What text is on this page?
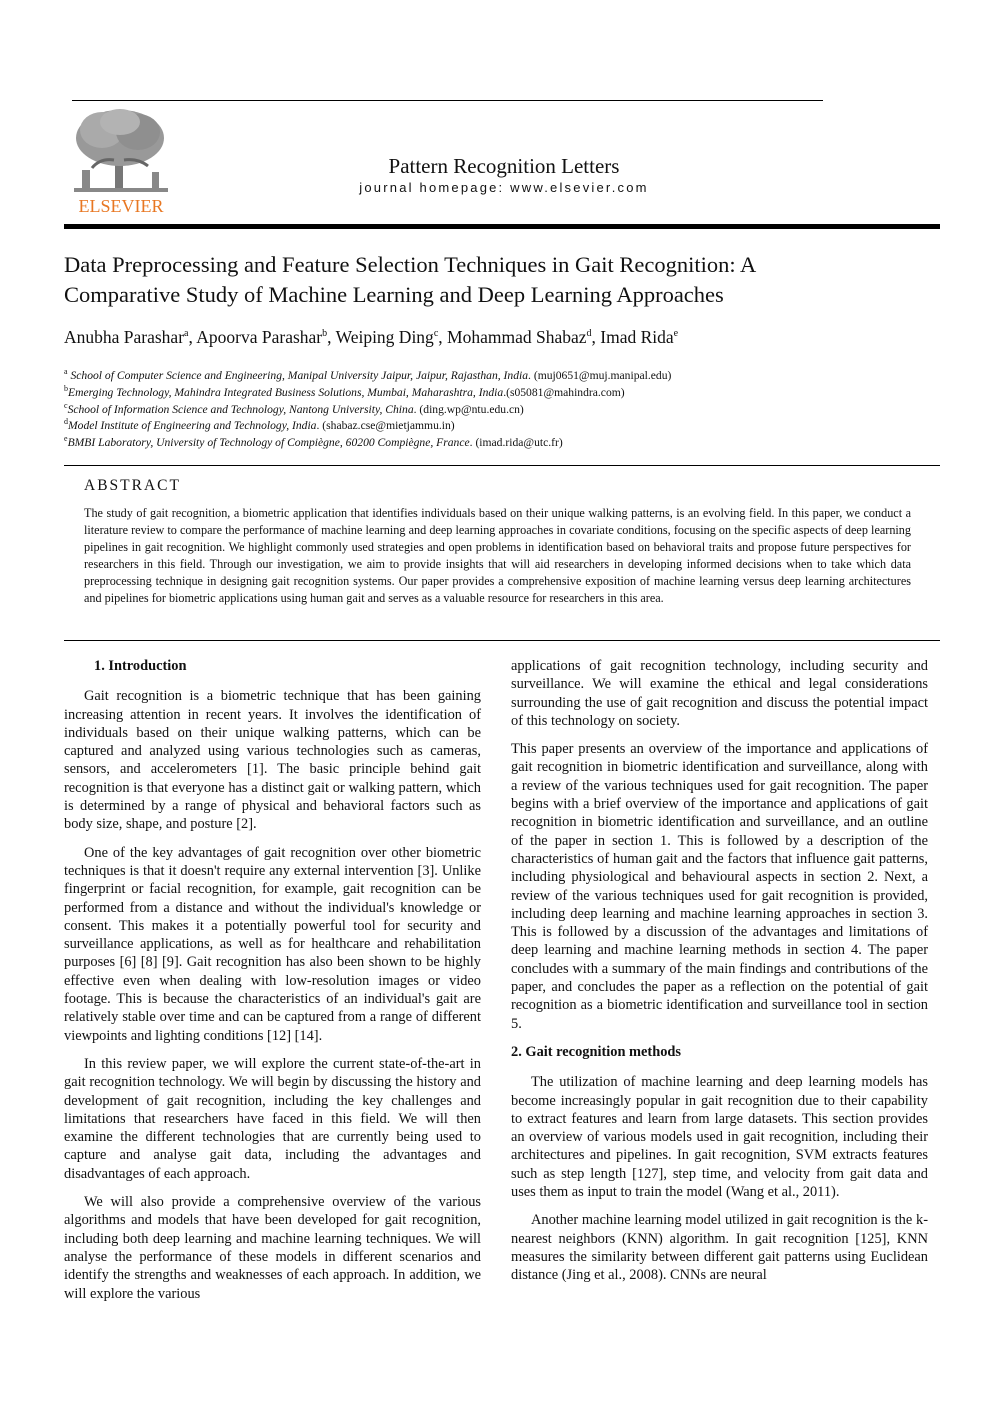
ELSEVIER
Pattern Recognition Letters
journal homepage: www.elsevier.com
Data Preprocessing and Feature Selection Techniques in Gait Recognition: A
Comparative Study of Machine Learning and Deep Learning Approaches
Anubha Parashar$^a$, Apoorva Parashar$^b$, Weiping Ding$^c$, Mohammad Shabaz$^d$, Imad Rida$^e$
$^a$ School of Computer Science and Engineering, Manipal University Jaipur, Jaipur, Rajasthan, India. (muj0651@muj.manipal.edu)
$^b$Emerging Technology, Mahindra Integrated Business Solutions, Mumbai, Maharashtra, India.(s05081@mahindra.com)
$^c$School of Information Science and Technology, Nantong University, China. (ding.wp@ntu.edu.cn)
$^d$Model Institute of Engineering and Technology, India. (shabaz.cse@mietjammu.in)
$^e$BMBI Laboratory, University of Technology of Compiègne, 60200 Compiègne, France. (imad.rida@utc.fr)
ABSTRACT
The study of gait recognition, a biometric application that identifies individuals based on their unique walking patterns, is an evolving field. In this paper, we conduct a literature review to compare the performance of machine learning and deep learning approaches in covariate conditions, focusing on the specific aspects of deep learning pipelines in gait recognition. We highlight commonly used strategies and open problems in identification based on behavioral traits and propose future perspectives for researchers in this field. Through our investigation, we aim to provide insights that will aid researchers in developing informed decisions when to take which data preprocessing technique in designing gait recognition systems. Our paper provides a comprehensive exposition of machine learning versus deep learning architectures and pipelines for biometric applications using human gait and serves as a valuable resource for researchers in this area.
1. Introduction

Gait recognition is a biometric technique that has been gaining increasing attention in recent years. It involves the identification of individuals based on their unique walking patterns, which can be captured and analyzed using various technologies such as cameras, sensors, and accelerometers [1]. The basic principle behind gait recognition is that everyone has a distinct gait or walking pattern, which is determined by a range of physical and behavioral factors such as body size, shape, and posture [2].

One of the key advantages of gait recognition over other biometric techniques is that it doesn't require any external intervention [3]. Unlike fingerprint or facial recognition, for example, gait recognition can be performed from a distance and without the individual's knowledge or consent. This makes it a potentially powerful tool for security and surveillance applications, as well as for healthcare and rehabilitation purposes [6] [8] [9]. Gait recognition has also been shown to be highly effective even when dealing with low-resolution images or video footage. This is because the characteristics of an individual's gait are relatively stable over time and can be captured from a range of different viewpoints and lighting conditions [12] [14].

In this review paper, we will explore the current state-of-the-art in gait recognition technology. We will begin by discussing the history and development of gait recognition, including the key challenges and limitations that researchers have faced in this field. We will then examine the different technologies that are currently being used to capture and analyse gait data, including the advantages and disadvantages of each approach.

We will also provide a comprehensive overview of the various algorithms and models that have been developed for gait recognition, including both deep learning and machine learning techniques. We will analyse the performance of these models in different scenarios and identify the strengths and weaknesses of each approach. In addition, we will explore the various

applications of gait recognition technology, including security and surveillance. We will examine the ethical and legal considerations surrounding the use of gait recognition and discuss the potential impact of this technology on society.

This paper presents an overview of the importance and applications of gait recognition in biometric identification and surveillance, along with a review of the various techniques used for gait recognition. The paper begins with a brief overview of the importance and applications of gait recognition in biometric identification and surveillance, and an outline of the paper in section 1. This is followed by a description of the characteristics of human gait and the factors that influence gait patterns, including physiological and behavioural aspects in section 2. Next, a review of the various techniques used for gait recognition is provided, including deep learning and machine learning approaches in section 3. This is followed by a discussion of the advantages and limitations of deep learning and machine learning methods in section 4. The paper concludes with a summary of the main findings and contributions of the paper, and concludes the paper as a reflection on the potential of gait recognition as a biometric identification and surveillance tool in section 5.

2. Gait recognition methods

The utilization of machine learning and deep learning models has become increasingly popular in gait recognition due to their capability to extract features and learn from large datasets. This section provides an overview of various models used in gait recognition, including their architectures and pipelines. In gait recognition, SVM extracts features such as step length [127], step time, and velocity from gait data and uses them as input to train the model (Wang et al., 2011).

Another machine learning model utilized in gait recognition is the k-nearest neighbors (KNN) algorithm. In gait recognition [125], KNN measures the similarity between different gait patterns using Euclidean distance (Jing et al., 2008). CNNs are neural
